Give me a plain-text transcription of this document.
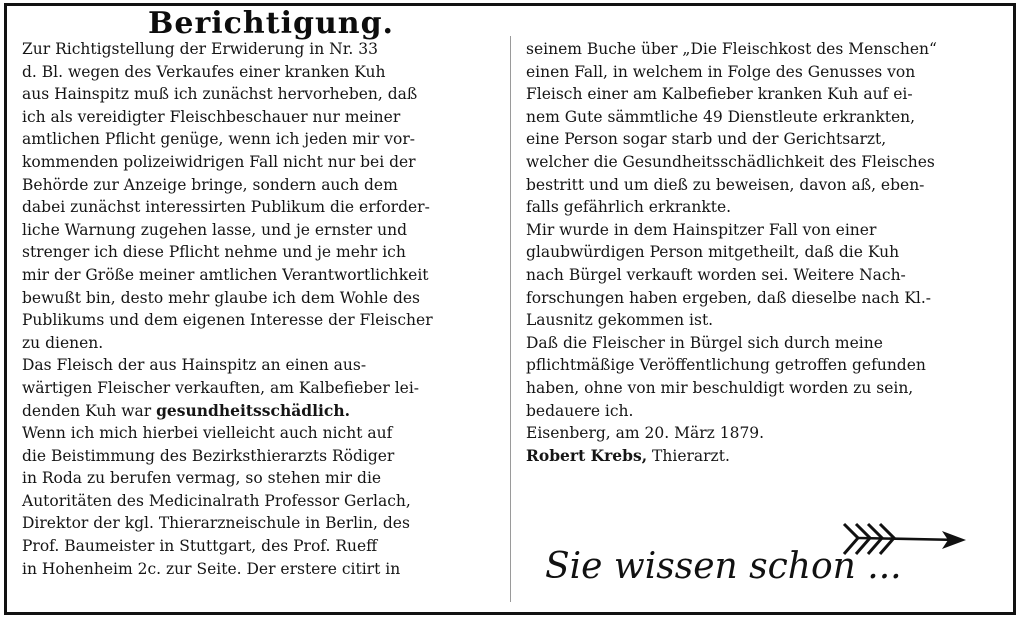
Berichtigung.

Zur Richtigstellung der Erwiderung in Nr. 33

d. Bl. wegen des Verkaufes einer kranken Kuh

aus Hainspitz muß ich zunächst hervorheben, daß

ich als vereidigter Fleischbeschauer nur meiner

amtlichen Pflicht genüge, wenn ich jeden mir vor-

kommenden polizeiwidrigen Fall nicht nur bei der

Behörde zur Anzeige bringe, sondern auch dem

dabei zunächst interessirten Publikum die erforder-

liche Warnung zugehen lasse, und je ernster und

strenger ich diese Pflicht nehme und je mehr ich

mir der Größe meiner amtlichen Verantwortlichkeit

bewußt bin, desto mehr glaube ich dem Wohle des

Publikums und dem eigenen Interesse der Fleischer

zu dienen.

Das Fleisch der aus Hainspitz an einen aus-

wärtigen Fleischer verkauften, am Kalbefieber lei-

denden Kuh war gesundheitsschädlich.

Wenn ich mich hierbei vielleicht auch nicht auf

die Beistimmung des Bezirksthierarzts Rödiger

in Roda zu berufen vermag, so stehen mir die

Autoritäten des Medicinalrath Professor Gerlach,

Direktor der kgl. Thierarzneischule in Berlin, des

Prof. Baumeister in Stuttgart, des Prof. Rueff

in Hohenheim 2c. zur Seite. Der erstere citirt in

seinem Buche über „Die Fleischkost des Menschen“

einen Fall, in welchem in Folge des Genusses von

Fleisch einer am Kalbefieber kranken Kuh auf ei-

nem Gute sämmtliche 49 Dienstleute erkrankten,

eine Person sogar starb und der Gerichtsarzt,

welcher die Gesundheitsschädlichkeit des Fleisches

bestritt und um dieß zu beweisen, davon aß, eben-

falls gefährlich erkrankte.

Mir wurde in dem Hainspitzer Fall von einer

glaubwürdigen Person mitgetheilt, daß die Kuh

nach Bürgel verkauft worden sei. Weitere Nach-

forschungen haben ergeben, daß dieselbe nach Kl.-

Lausnitz gekommen ist.

Daß die Fleischer in Bürgel sich durch meine

pflichtmäßige Veröffentlichung getroffen gefunden

haben, ohne von mir beschuldigt worden zu sein,

bedauere ich.

Eisenberg, am 20. März 1879.

Robert Krebs, Thierarzt.

Sie wissen schon ...
